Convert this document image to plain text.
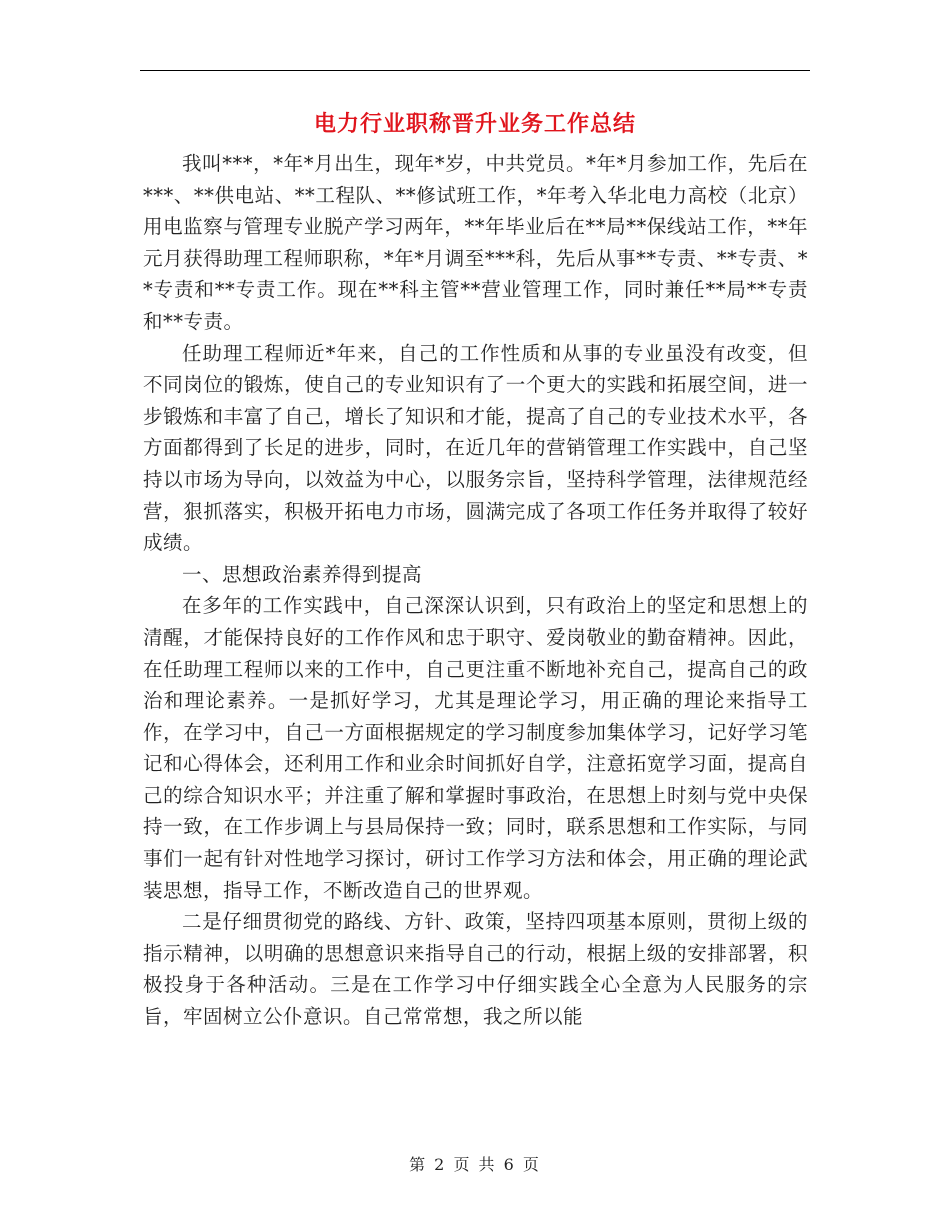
电力行业职称晋升业务工作总结

我叫***，*年*月出生，现年*岁，中共党员。*年*月参加工作，先后在***、**供电站、**工程队、**修试班工作，*年考入华北电力高校（北京）用电监察与管理专业脱产学习两年，**年毕业后在**局**保线站工作，**年元月获得助理工程师职称，*年*月调至***科，先后从事**专责、**专责、**专责和**专责工作。现在**科主管**营业管理工作，同时兼任**局**专责和**专责。

任助理工程师近*年来，自己的工作性质和从事的专业虽没有改变，但不同岗位的锻炼，使自己的专业知识有了一个更大的实践和拓展空间，进一步锻炼和丰富了自己，增长了知识和才能，提高了自己的专业技术水平，各方面都得到了长足的进步，同时，在近几年的营销管理工作实践中，自己坚持以市场为导向，以效益为中心，以服务宗旨，坚持科学管理，法律规范经营，狠抓落实，积极开拓电力市场，圆满完成了各项工作任务并取得了较好成绩。

一、思想政治素养得到提高

在多年的工作实践中，自己深深认识到，只有政治上的坚定和思想上的清醒，才能保持良好的工作作风和忠于职守、爱岗敬业的勤奋精神。因此，在任助理工程师以来的工作中，自己更注重不断地补充自己，提高自己的政治和理论素养。一是抓好学习，尤其是理论学习，用正确的理论来指导工作，在学习中，自己一方面根据规定的学习制度参加集体学习，记好学习笔记和心得体会，还利用工作和业余时间抓好自学，注意拓宽学习面，提高自己的综合知识水平；并注重了解和掌握时事政治，在思想上时刻与党中央保持一致，在工作步调上与县局保持一致；同时，联系思想和工作实际，与同事们一起有针对性地学习探讨，研讨工作学习方法和体会，用正确的理论武装思想，指导工作，不断改造自己的世界观。

二是仔细贯彻党的路线、方针、政策，坚持四项基本原则，贯彻上级的指示精神，以明确的思想意识来指导自己的行动，根据上级的安排部署，积极投身于各种活动。三是在工作学习中仔细实践全心全意为人民服务的宗旨，牢固树立公仆意识。自己常常想，我之所以能

第 2 页 共 6 页
